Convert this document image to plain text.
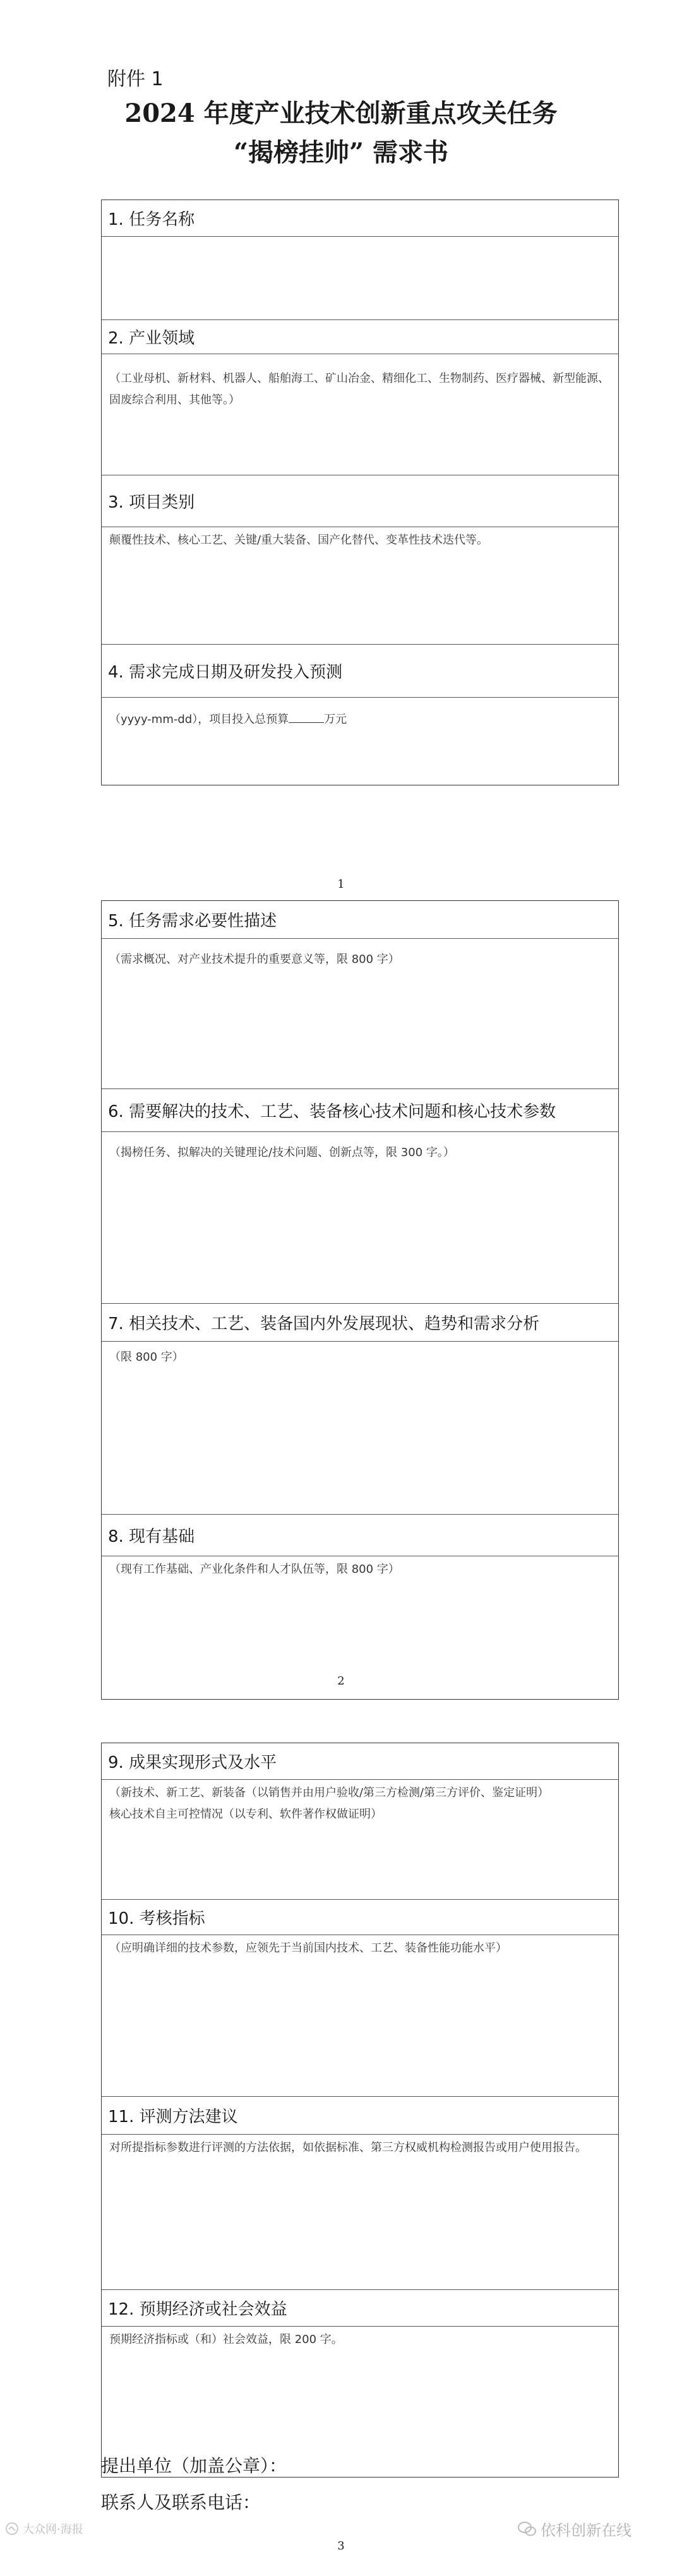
附件 1
2024 年度产业技术创新重点攻关任务
“揭榜挂帅” 需求书
1. 任务名称
2. 产业领域
（工业母机、新材料、机器人、船舶海工、矿山冶金、精细化工、生物制药、医疗器械、新型能源、固废综合利用、其他等。）
3. 项目类别
颠覆性技术、核心工艺、关键/重大装备、国产化替代、变革性技术迭代等。
4. 需求完成日期及研发投入预测
（yyyy-mm-dd），项目投入总预算	万元
1
5. 任务需求必要性描述
（需求概况、对产业技术提升的重要意义等，限 800 字）
6. 需要解决的技术、工艺、装备核心技术问题和核心技术参数
（揭榜任务、拟解决的关键理论/技术问题、创新点等，限 300 字。）
7. 相关技术、工艺、装备国内外发展现状、趋势和需求分析
（限 800 字）
8. 现有基础
（现有工作基础、产业化条件和人才队伍等，限 800 字）
2
9. 成果实现形式及水平
（新技术、新工艺、新装备（以销售并由用户验收/第三方检测/第三方评价、鉴定证明）
核心技术自主可控情况（以专利、软件著作权做证明）
10. 考核指标
（应明确详细的技术参数，应领先于当前国内技术、工艺、装备性能功能水平）
11. 评测方法建议
对所提指标参数进行评测的方法依据，如依据标准、第三方权威机构检测报告或用户使用报告。
12. 预期经济或社会效益
预期经济指标或（和）社会效益，限 200 字。
提出单位（加盖公章）：
联系人及联系电话：
3
大众网·海报	依科创新在线
